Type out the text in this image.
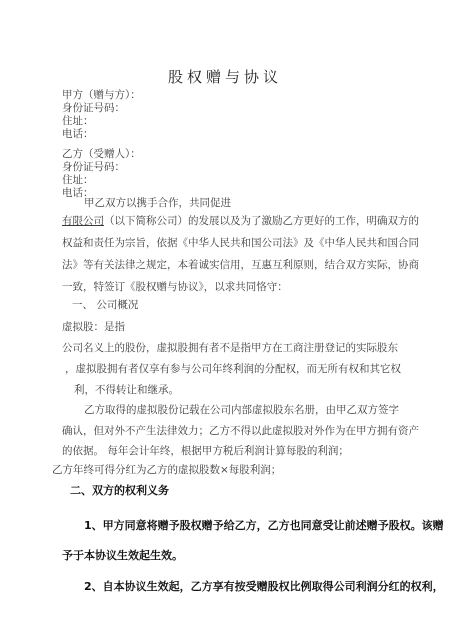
股权赠与协议
甲方（赠与方）：
身份证号码：
住址：
电话：
乙方（受赠人）：
身份证号码：
住址：
电话：
甲乙双方以携手合作，共同促进
有限公司（以下简称公司）的发展以及为了激励乙方更好的工作，明确双方的
权益和责任为宗旨，依据《中华人民共和国公司法》及《中华人民共和国合同
法》等有关法律之规定，本着诚实信用，互惠互利原则，结合双方实际，协商
一致，特签订《股权赠与协议》，以求共同恪守：
一、 公司概况
虚拟股：是指
公司名义上的股份，虚拟股拥有者不是指甲方在工商注册登记的实际股东
，虚拟股拥有者仅享有参与公司年终利润的分配权，而无所有权和其它权
利，不得转让和继承。
乙方取得的虚拟股份记载在公司内部虚拟股东名册，由甲乙双方签字
确认，但对外不产生法律效力；乙方不得以此虚拟股对外作为在甲方拥有资产
的依据。 每年会计年终，根据甲方税后利润计算每股的利润；
乙方年终可得分红为乙方的虚拟股数×每股利润；
二、双方的权利义务
1、甲方同意将赠予股权赠予给乙方，乙方也同意受让前述赠予股权。该赠
予于本协议生效起生效。
2、自本协议生效起，乙方享有按受赠股权比例取得公司利润分红的权利，
